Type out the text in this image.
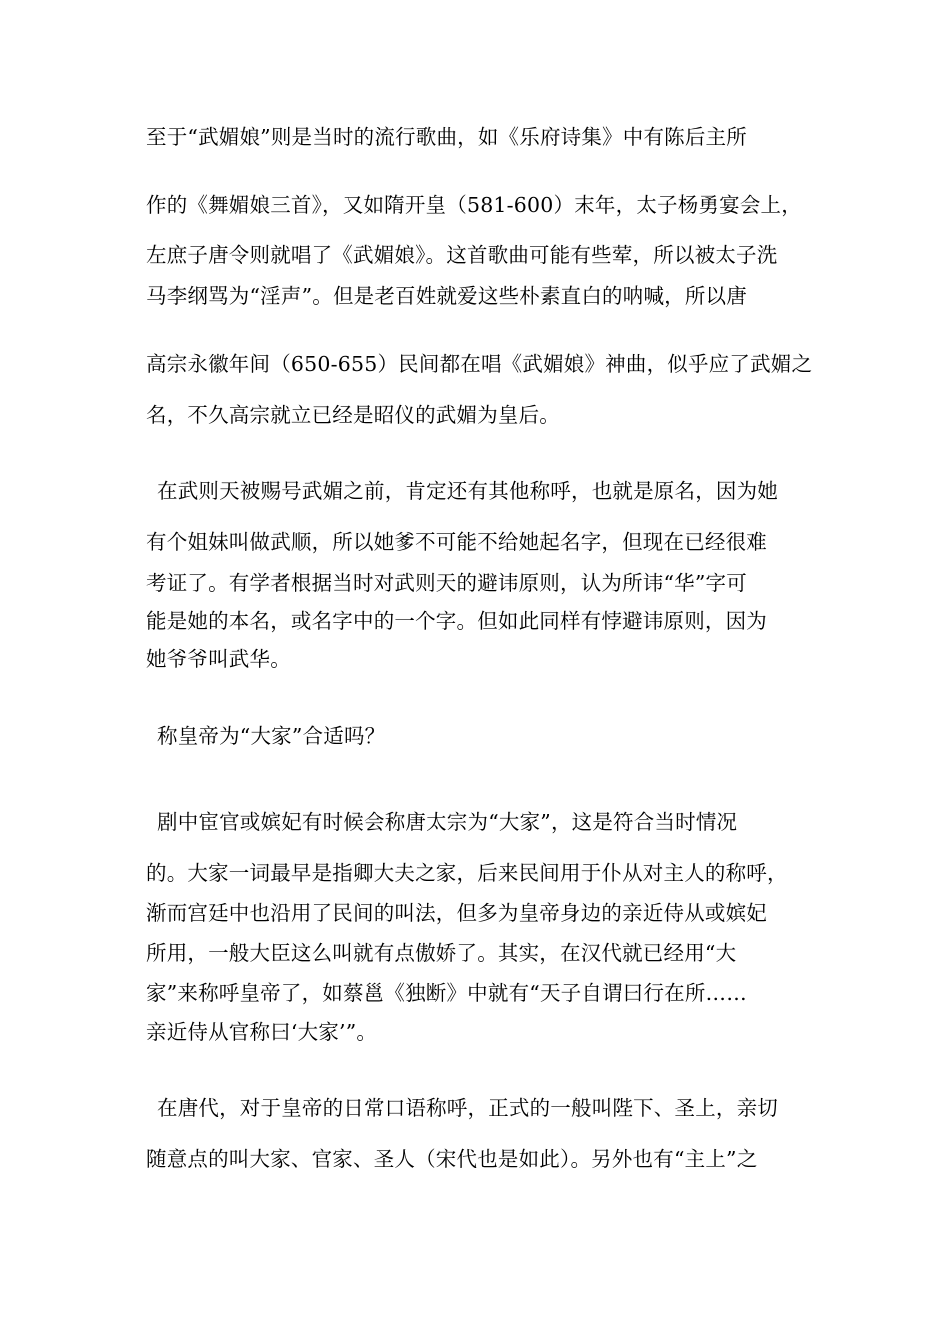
至于“武媚娘”则是当时的流行歌曲，如《乐府诗集》中有陈后主所
作的《舞媚娘三首》，又如隋开皇（581-600）末年，太子杨勇宴会上，
左庶子唐令则就唱了《武媚娘》。这首歌曲可能有些荤，所以被太子洗
马李纲骂为“淫声”。但是老百姓就爱这些朴素直白的呐喊，所以唐
高宗永徽年间（650-655）民间都在唱《武媚娘》神曲，似乎应了武媚之
名，不久高宗就立已经是昭仪的武媚为皇后。
在武则天被赐号武媚之前，肯定还有其他称呼，也就是原名，因为她
有个姐妹叫做武顺，所以她爹不可能不给她起名字，但现在已经很难
考证了。有学者根据当时对武则天的避讳原则，认为所讳“华”字可
能是她的本名，或名字中的一个字。但如此同样有悖避讳原则，因为
她爷爷叫武华。
称皇帝为“大家”合适吗？
剧中宦官或嫔妃有时候会称唐太宗为“大家”，这是符合当时情况
的。大家一词最早是指卿大夫之家，后来民间用于仆从对主人的称呼，
渐而宫廷中也沿用了民间的叫法，但多为皇帝身边的亲近侍从或嫔妃
所用，一般大臣这么叫就有点傲娇了。其实，在汉代就已经用“大
家”来称呼皇帝了，如蔡邕《独断》中就有“天子自谓曰行在所……
亲近侍从官称曰‘大家’”。
在唐代，对于皇帝的日常口语称呼，正式的一般叫陛下、圣上，亲切
随意点的叫大家、官家、圣人（宋代也是如此）。另外也有“主上”之
